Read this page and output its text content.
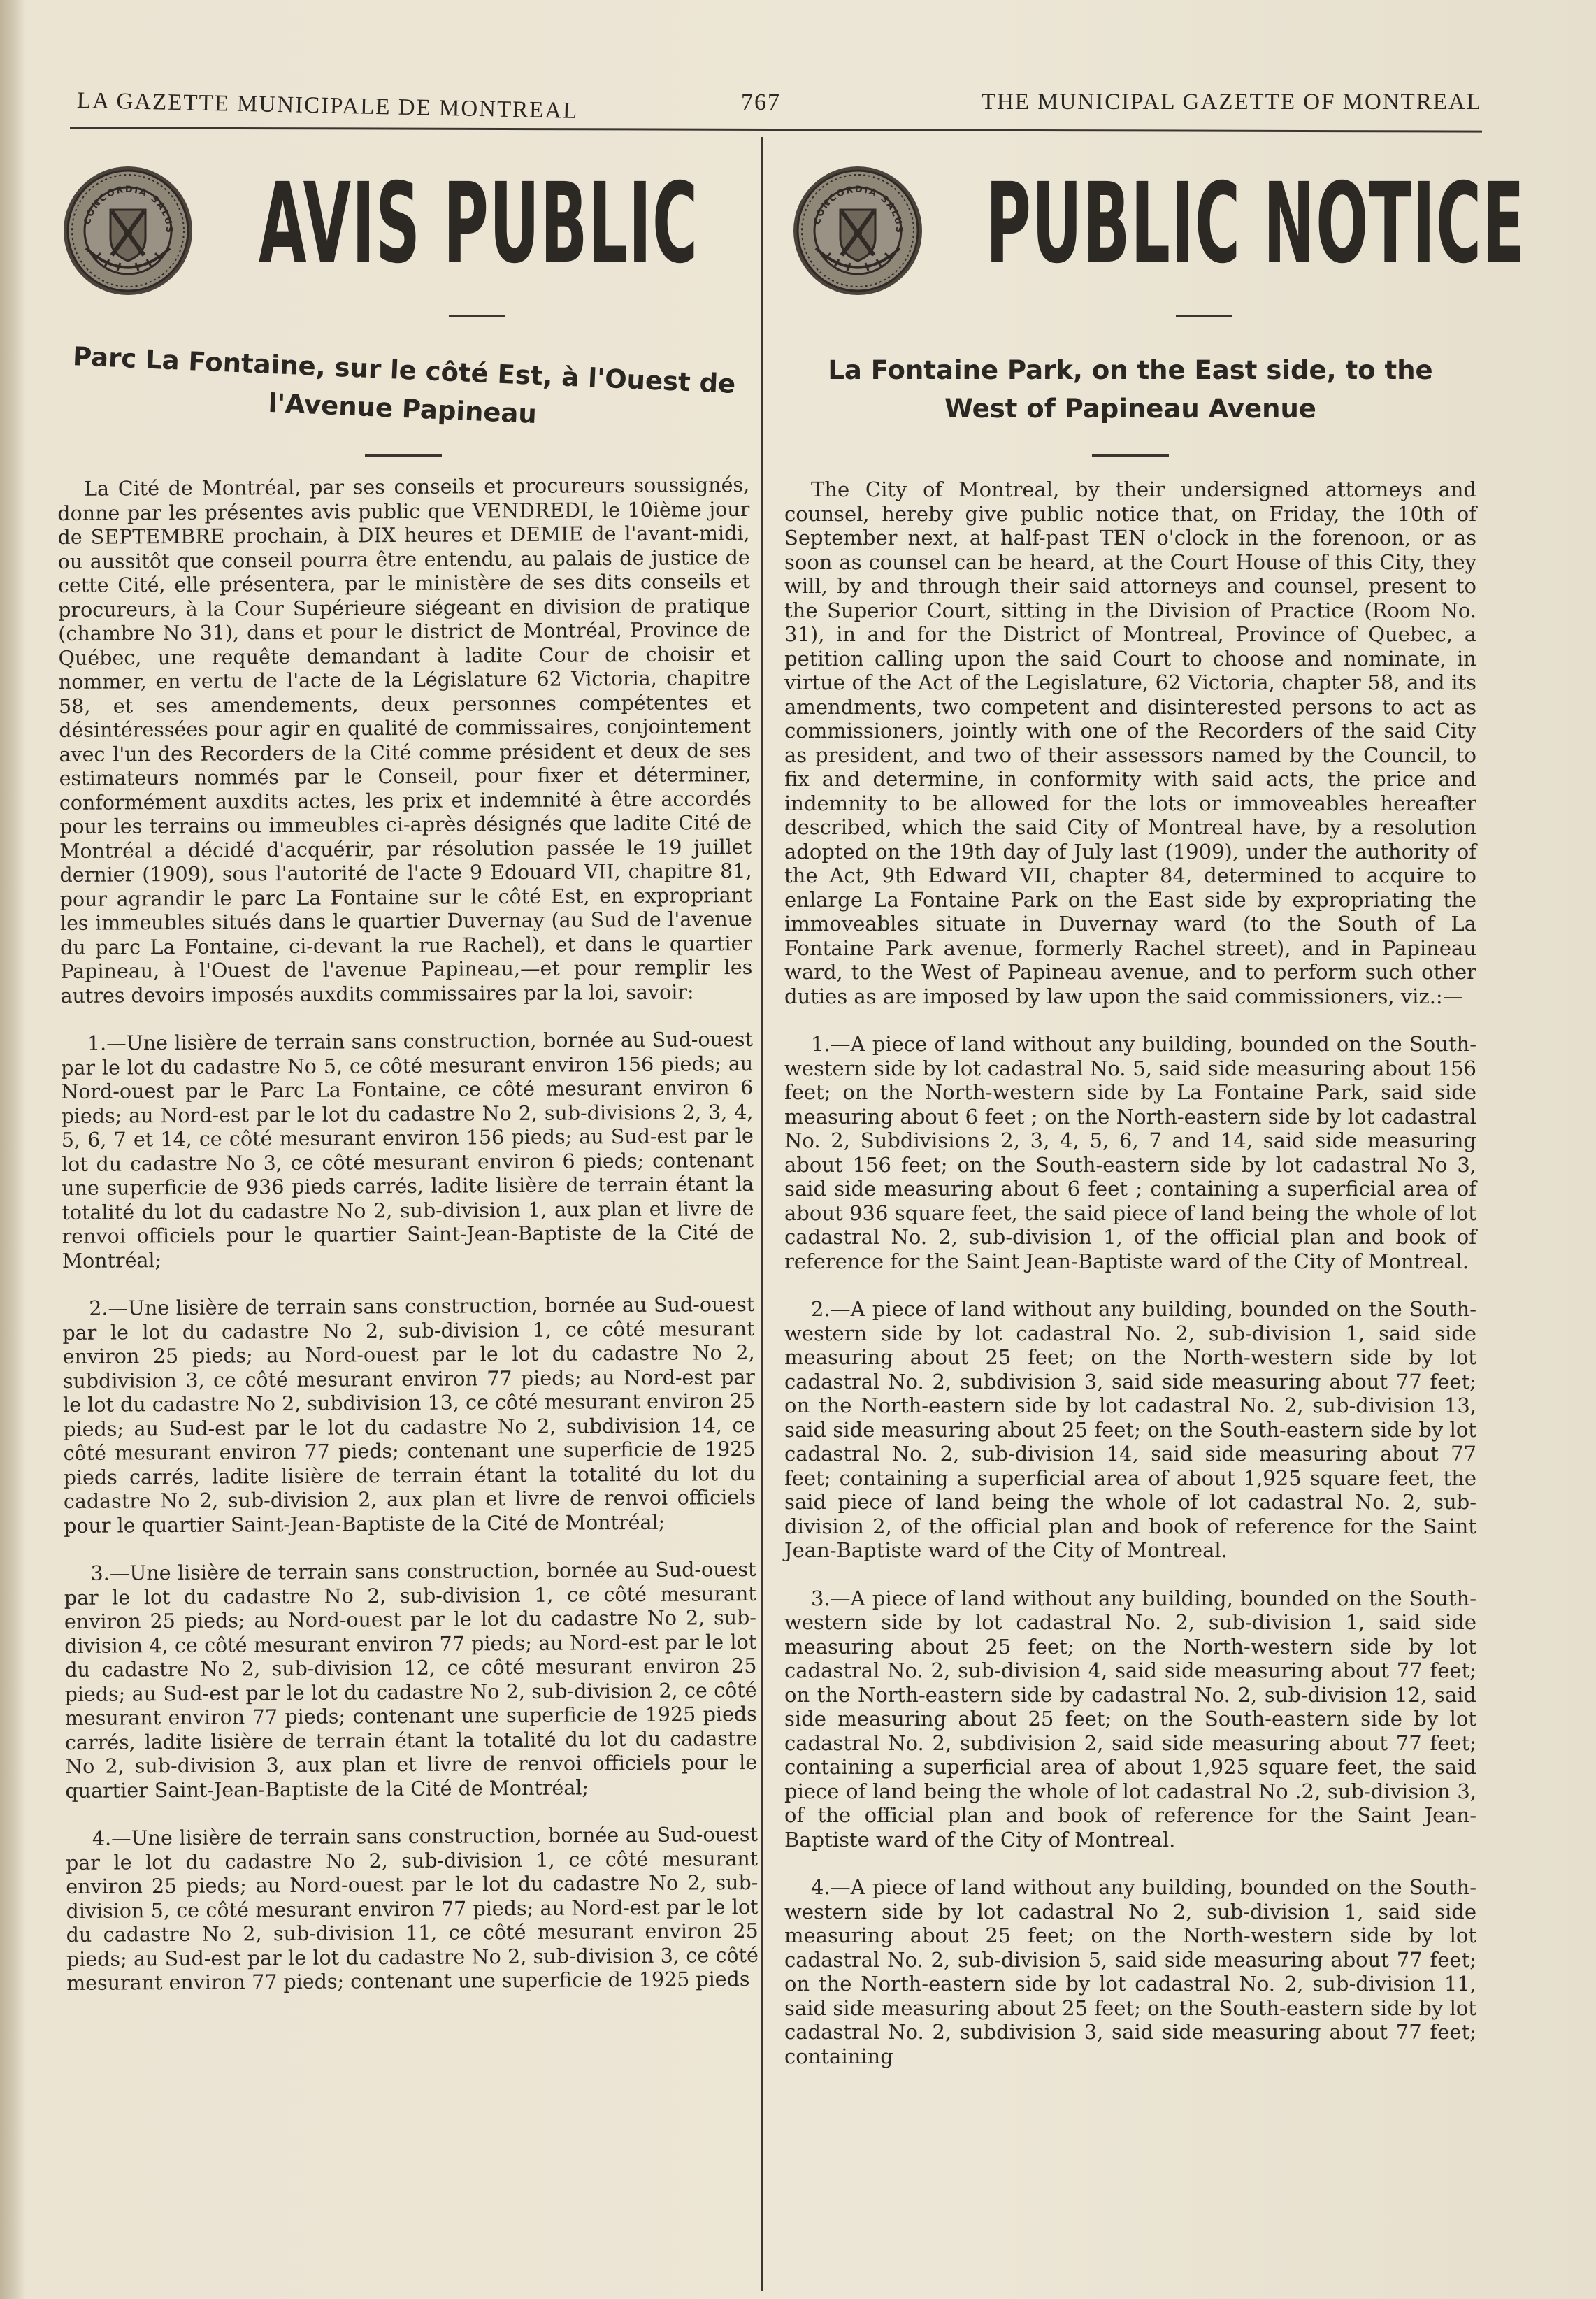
LA GAZETTE MUNICIPALE DE MONTREAL	767	THE MUNICIPAL GAZETTE OF MONTREAL
CONCORDIA SALUS AVIS PUBLIC
Parc La Fontaine, sur le côté Est, à l'Ouest de l'Avenue Papineau

La Cité de Montréal, par ses conseils et procureurs soussignés, donne par les présentes avis public que VENDREDI, le 10ième jour de SEPTEMBRE prochain, à DIX heures et DEMIE de l'avant-midi, ou aussitôt que conseil pourra être entendu, au palais de justice de cette Cité, elle présentera, par le ministère de ses dits conseils et procureurs, à la Cour Supérieure siégeant en division de pratique (chambre No 31), dans et pour le district de Montréal, Province de Québec, une requête demandant à ladite Cour de choisir et nommer, en vertu de l'acte de la Législature 62 Victoria, chapitre 58, et ses amendements, deux personnes compétentes et désintéressées pour agir en qualité de commissaires, conjointement avec l'un des Recorders de la Cité comme président et deux de ses estimateurs nommés par le Conseil, pour fixer et déterminer, conformément auxdits actes, les prix et indemnité à être accordés pour les terrains ou immeubles ci-après désignés que ladite Cité de Montréal a décidé d'acquérir, par résolution passée le 19 juillet dernier (1909), sous l'autorité de l'acte 9 Edouard VII, chapitre 81, pour agrandir le parc La Fontaine sur le côté Est, en expropriant les immeubles situés dans le quartier Duvernay (au Sud de l'avenue du parc La Fontaine, ci-devant la rue Rachel), et dans le quartier Papineau, à l'Ouest de l'avenue Papineau,—et pour remplir les autres devoirs imposés auxdits commissaires par la loi, savoir:

1.—Une lisière de terrain sans construction, bornée au Sud-ouest par le lot du cadastre No 5, ce côté mesurant environ 156 pieds; au Nord-ouest par le Parc La Fontaine, ce côté mesurant environ 6 pieds; au Nord-est par le lot du cadastre No 2, sub-divisions 2, 3, 4, 5, 6, 7 et 14, ce côté mesurant environ 156 pieds; au Sud-est par le lot du cadastre No 3, ce côté mesurant environ 6 pieds; contenant une superficie de 936 pieds carrés, ladite lisière de terrain étant la totalité du lot du cadastre No 2, sub-division 1, aux plan et livre de renvoi officiels pour le quartier Saint-Jean-Baptiste de la Cité de Montréal;

2.—Une lisière de terrain sans construction, bornée au Sud-ouest par le lot du cadastre No 2, sub-division 1, ce côté mesurant environ 25 pieds; au Nord-ouest par le lot du cadastre No 2, subdivision 3, ce côté mesurant environ 77 pieds; au Nord-est par le lot du cadastre No 2, subdivision 13, ce côté mesurant environ 25 pieds; au Sud-est par le lot du cadastre No 2, subdivision 14, ce côté mesurant environ 77 pieds; contenant une superficie de 1925 pieds carrés, ladite lisière de terrain étant la totalité du lot du cadastre No 2, sub-division 2, aux plan et livre de renvoi officiels pour le quartier Saint-Jean-Baptiste de la Cité de Montréal;

3.—Une lisière de terrain sans construction, bornée au Sud-ouest par le lot du cadastre No 2, sub-division 1, ce côté mesurant environ 25 pieds; au Nord-ouest par le lot du cadastre No 2, sub-division 4, ce côté mesurant environ 77 pieds; au Nord-est par le lot du cadastre No 2, sub-division 12, ce côté mesurant environ 25 pieds; au Sud-est par le lot du cadastre No 2, sub-division 2, ce côté mesurant environ 77 pieds; contenant une superficie de 1925 pieds carrés, ladite lisière de terrain étant la totalité du lot du cadastre No 2, sub-division 3, aux plan et livre de renvoi officiels pour le quartier Saint-Jean-Baptiste de la Cité de Montréal;

4.—Une lisière de terrain sans construction, bornée au Sud-ouest par le lot du cadastre No 2, sub-division 1, ce côté mesurant environ 25 pieds; au Nord-ouest par le lot du cadastre No 2, sub-division 5, ce côté mesurant environ 77 pieds; au Nord-est par le lot du cadastre No 2, sub-division 11, ce côté mesurant environ 25 pieds; au Sud-est par le lot du cadastre No 2, sub-division 3, ce côté mesurant environ 77 pieds; contenant une superficie de 1925 pieds

CONCORDIA SALUS PUBLIC NOTICE
La Fontaine Park, on the East side, to the West of Papineau Avenue

The City of Montreal, by their undersigned attorneys and counsel, hereby give public notice that, on Friday, the 10th of September next, at half-past TEN o'clock in the forenoon, or as soon as counsel can be heard, at the Court House of this City, they will, by and through their said attorneys and counsel, present to the Superior Court, sitting in the Division of Practice (Room No. 31), in and for the District of Montreal, Province of Quebec, a petition calling upon the said Court to choose and nominate, in virtue of the Act of the Legislature, 62 Victoria, chapter 58, and its amendments, two competent and disinterested persons to act as commissioners, jointly with one of the Recorders of the said City as president, and two of their assessors named by the Council, to fix and determine, in conformity with said acts, the price and indemnity to be allowed for the lots or immoveables hereafter described, which the said City of Montreal have, by a resolution adopted on the 19th day of July last (1909), under the authority of the Act, 9th Edward VII, chapter 84, determined to acquire to enlarge La Fontaine Park on the East side by expropriating the immoveables situate in Duvernay ward (to the South of La Fontaine Park avenue, formerly Rachel street), and in Papineau ward, to the West of Papineau avenue, and to perform such other duties as are imposed by law upon the said commissioners, viz.:—

1.—A piece of land without any building, bounded on the South-western side by lot cadastral No. 5, said side measuring about 156 feet; on the North-western side by La Fontaine Park, said side measuring about 6 feet ; on the North-eastern side by lot cadastral No. 2, Subdivisions 2, 3, 4, 5, 6, 7 and 14, said side measuring about 156 feet; on the South-eastern side by lot cadastral No 3, said side measuring about 6 feet ; containing a superficial area of about 936 square feet, the said piece of land being the whole of lot cadastral No. 2, sub-division 1, of the official plan and book of reference for the Saint Jean-Baptiste ward of the City of Montreal.

2.—A piece of land without any building, bounded on the South-western side by lot cadastral No. 2, sub-division 1, said side measuring about 25 feet; on the North-western side by lot cadastral No. 2, subdivision 3, said side measuring about 77 feet; on the North-eastern side by lot cadastral No. 2, sub-division 13, said side measuring about 25 feet; on the South-eastern side by lot cadastral No. 2, sub-division 14, said side measuring about 77 feet; containing a superficial area of about 1,925 square feet, the said piece of land being the whole of lot cadastral No. 2, sub-division 2, of the official plan and book of reference for the Saint Jean-Baptiste ward of the City of Montreal.

3.—A piece of land without any building, bounded on the South-western side by lot cadastral No. 2, sub-division 1, said side measuring about 25 feet; on the North-western side by lot cadastral No. 2, sub-division 4, said side measuring about 77 feet; on the North-eastern side by cadastral No. 2, sub-division 12, said side measuring about 25 feet; on the South-eastern side by lot cadastral No. 2, subdivision 2, said side measuring about 77 feet; containing a superficial area of about 1,925 square feet, the said piece of land being the whole of lot cadastral No .2, sub-division 3, of the official plan and book of reference for the Saint Jean-Baptiste ward of the City of Montreal.

4.—A piece of land without any building, bounded on the South-western side by lot cadastral No 2, sub-division 1, said side measuring about 25 feet; on the North-western side by lot cadastral No. 2, sub-division 5, said side measuring about 77 feet; on the North-eastern side by lot cadastral No. 2, sub-division 11, said side measuring about 25 feet; on the South-eastern side by lot cadastral No. 2, subdivision 3, said side measuring about 77 feet; containing
